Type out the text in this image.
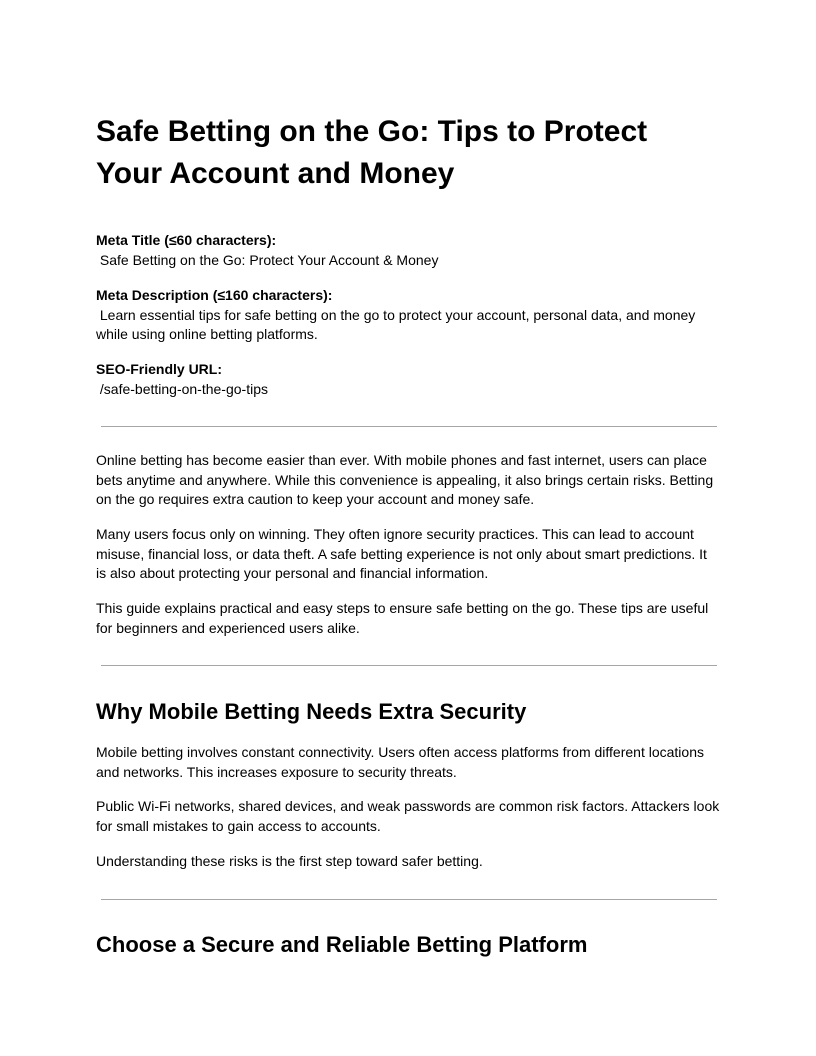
Safe Betting on the Go: Tips to Protect Your Account and Money
Meta Title (≤60 characters):
Safe Betting on the Go: Protect Your Account & Money
Meta Description (≤160 characters):
Learn essential tips for safe betting on the go to protect your account, personal data, and money while using online betting platforms.
SEO-Friendly URL:
/safe-betting-on-the-go-tips

Online betting has become easier than ever. With mobile phones and fast internet, users can place bets anytime and anywhere. While this convenience is appealing, it also brings certain risks. Betting on the go requires extra caution to keep your account and money safe.

Many users focus only on winning. They often ignore security practices. This can lead to account misuse, financial loss, or data theft. A safe betting experience is not only about smart predictions. It is also about protecting your personal and financial information.

This guide explains practical and easy steps to ensure safe betting on the go. These tips are useful for beginners and experienced users alike.

Why Mobile Betting Needs Extra Security

Mobile betting involves constant connectivity. Users often access platforms from different locations and networks. This increases exposure to security threats.

Public Wi-Fi networks, shared devices, and weak passwords are common risk factors. Attackers look for small mistakes to gain access to accounts.

Understanding these risks is the first step toward safer betting.

Choose a Secure and Reliable Betting Platform
